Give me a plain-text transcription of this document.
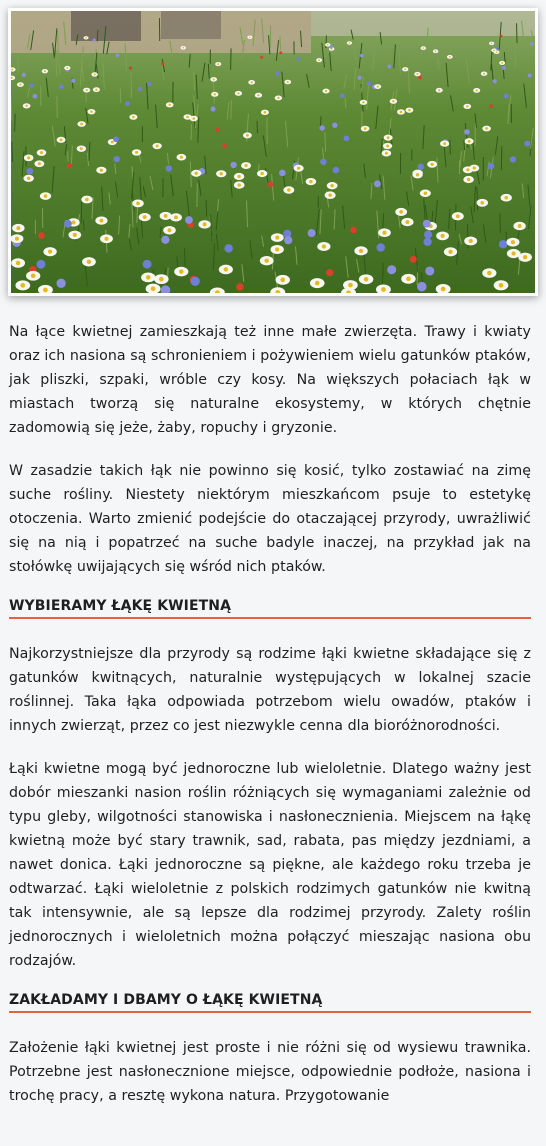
Na łące kwietnej zamieszkają też inne małe zwierzęta. Trawy i kwiaty oraz ich nasiona są schronieniem i pożywieniem wielu gatunków ptaków, jak pliszki, szpaki, wróble czy kosy. Na większych połaciach łąk w miastach tworzą się naturalne ekosystemy, w których chętnie zadomowią się jeże, żaby, ropuchy i gryzonie.

W zasadzie takich łąk nie powinno się kosić, tylko zostawiać na zimę suche rośliny. Niestety niektórym mieszkańcom psuje to estetykę otoczenia. Warto zmienić podejście do otaczającej przyrody, uwrażliwić się na nią i popatrzeć na suche badyle inaczej, na przykład jak na stołówkę uwijających się wśród nich ptaków.

WYBIERAMY ŁĄKĘ KWIETNĄ

Najkorzystniejsze dla przyrody są rodzime łąki kwietne składające się z gatunków kwitnących, naturalnie występujących w lokalnej szacie roślinnej. Taka łąka odpowiada potrzebom wielu owadów, ptaków i innych zwierząt, przez co jest niezwykle cenna dla bioróżnorodności.

Łąki kwietne mogą być jednoroczne lub wieloletnie. Dlatego ważny jest dobór mieszanki nasion roślin różniących się wymaganiami zależnie od typu gleby, wilgotności stanowiska i nasłonecznienia. Miejscem na łąkę kwietną może być stary trawnik, sad, rabata, pas między jezdniami, a nawet donica. Łąki jednoroczne są piękne, ale każdego roku trzeba je odtwarzać. Łąki wieloletnie z polskich rodzimych gatunków nie kwitną tak intensywnie, ale są lepsze dla rodzimej przyrody. Zalety roślin jednorocznych i wieloletnich można połączyć mieszając nasiona obu rodzajów.

ZAKŁADAMY I DBAMY O ŁĄKĘ KWIETNĄ

Założenie łąki kwietnej jest proste i nie różni się od wysiewu trawnika. Potrzebne jest nasłonecznione miejsce, odpowiednie podłoże, nasiona i trochę pracy, a resztę wykona natura. Przygotowanie
